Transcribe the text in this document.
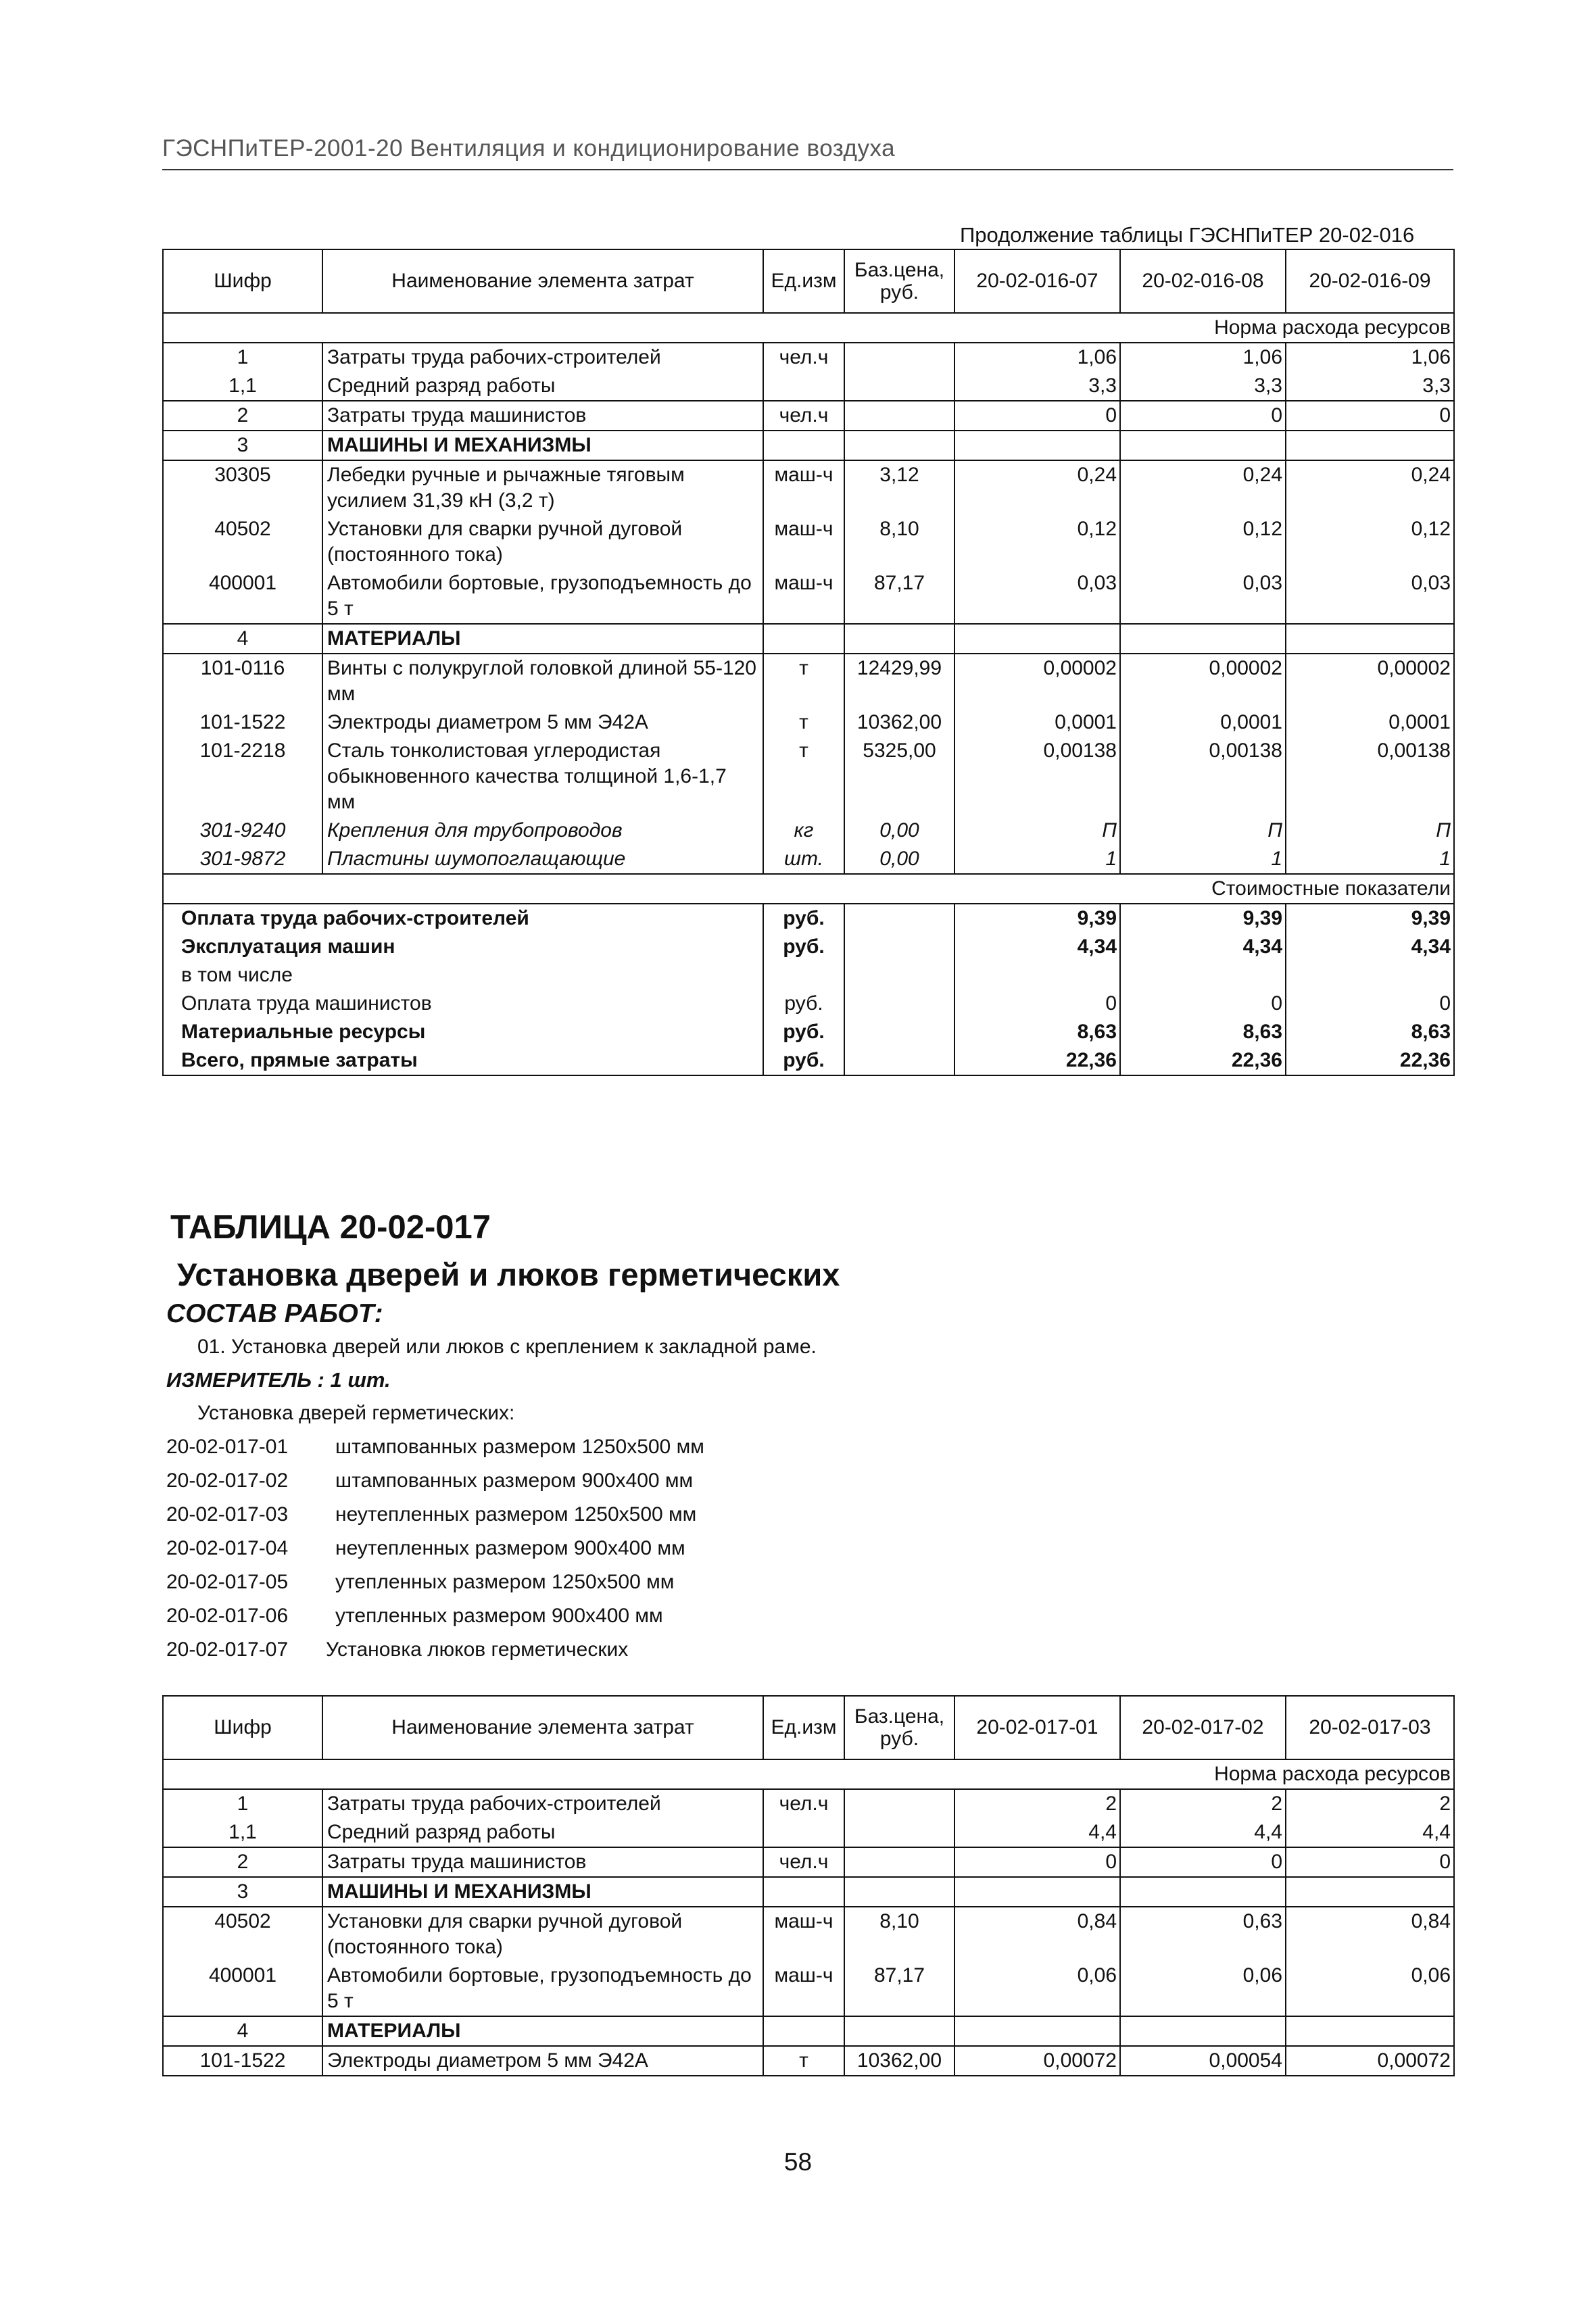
ГЭСНПиТЕР-2001-20 Вентиляция и кондиционирование воздуха
Продолжение таблицы ГЭСНПиТЕР 20-02-016
Шифр	Наименование элемента затрат	Ед.изм	Баз.цена, руб.	20-02-016-07	20-02-016-08	20-02-016-09
Норма расхода ресурсов						
1	Затраты труда рабочих-строителей	чел.ч		1,06	1,06	1,06
1,1	Средний разряд работы			3,3	3,3	3,3
2	Затраты труда машинистов	чел.ч		0	0	0
3	МАШИНЫ И МЕХАНИЗМЫ					
30305	Лебедки ручные и рычажные тяговым усилием 31,39 кН (3,2 т)	маш-ч	3,12	0,24	0,24	0,24
40502	Установки для сварки ручной дуговой (постоянного тока)	маш-ч	8,10	0,12	0,12	0,12
400001	Автомобили бортовые, грузоподъемность до 5 т	маш-ч	87,17	0,03	0,03	0,03
4	МАТЕРИАЛЫ					
101-0116	Винты с полукруглой головкой длиной 55-120 мм	т	12429,99	0,00002	0,00002	0,00002
101-1522	Электроды диаметром 5 мм Э42А	т	10362,00	0,0001	0,0001	0,0001
101-2218	Сталь тонколистовая углеродистая обыкновенного качества толщиной 1,6-1,7 мм	т	5325,00	0,00138	0,00138	0,00138
301-9240	Крепления для трубопроводов	кг	0,00	П	П	П
301-9872	Пластины шумопоглащающие	шт.	0,00	1	1	1
Стоимостные показатели						
Оплата труда рабочих-строителей		руб.		9,39	9,39	9,39
Эксплуатация машин		руб.		4,34	4,34	4,34
в том числе						
Оплата труда машинистов		руб.		0	0	0
Материальные ресурсы		руб.		8,63	8,63	8,63
Всего, прямые затраты		руб.		22,36	22,36	22,36
ТАБЛИЦА 20-02-017
Установка дверей и люков герметических
СОСТАВ РАБОТ:
01. Установка дверей или люков с креплением к закладной раме.
ИЗМЕРИТЕЛЬ : 1 шт.
Установка дверей герметических:
20-02-017-01 штампованных размером 1250х500 мм
20-02-017-02 штампованных размером 900х400 мм
20-02-017-03 неутепленных размером 1250х500 мм
20-02-017-04 неутепленных размером 900х400 мм
20-02-017-05 утепленных размером 1250х500 мм
20-02-017-06 утепленных размером 900х400 мм
20-02-017-07 Установка люков герметических
Шифр	Наименование элемента затрат	Ед.изм	Баз.цена, руб.	20-02-017-01	20-02-017-02	20-02-017-03
Норма расхода ресурсов						
1	Затраты труда рабочих-строителей	чел.ч		2	2	2
1,1	Средний разряд работы			4,4	4,4	4,4
2	Затраты труда машинистов	чел.ч		0	0	0
3	МАШИНЫ И МЕХАНИЗМЫ					
40502	Установки для сварки ручной дуговой (постоянного тока)	маш-ч	8,10	0,84	0,63	0,84
400001	Автомобили бортовые, грузоподъемность до 5 т	маш-ч	87,17	0,06	0,06	0,06
4	МАТЕРИАЛЫ					
101-1522	Электроды диаметром 5 мм Э42А	т	10362,00	0,00072	0,00054	0,00072
58
